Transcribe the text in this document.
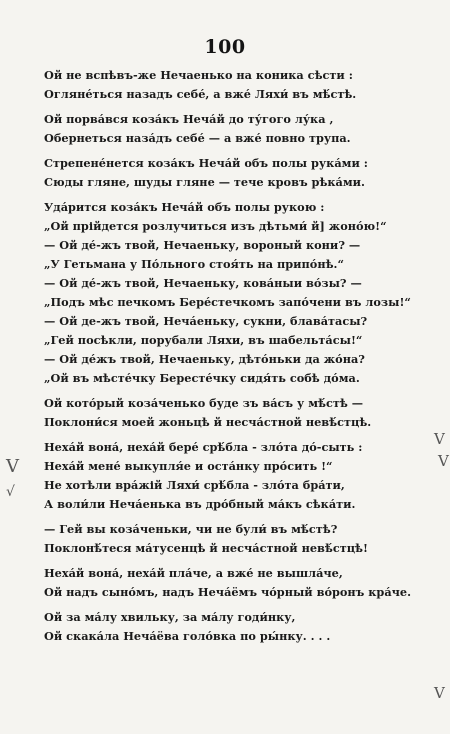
100
Ой не вспѣвъ-же Нечаенько на коника сѣсти :
Огляне́ться назадъ себе́, а вже́ Ляхи́ въ мѣ́стѣ.
Ой порва́вся коза́къ Неча́й до ту́гого лу́ка ,
Обернеться наза́дъ себе́ — а вже́ повно трупа.
Стрепене́нется коза́къ Неча́й объ полы рука́ми :
Сюды гляне, шуды гляне — тече кровъ рѣка́ми.
Уда́рится коза́къ Неча́й объ полы рукою :
„Ой прійдется розлучиться изъ дѣтьми́ й] жоно́ю!“
— Ой де́-жъ твой, Нечаеньку, вороный кони? —
„У Гетьмана у По́льного стоя́ть на припо́нѣ.“
— Ой де́-жъ твой, Нечаеньку, кова́ныи во́зы? —
„Подъ мѣс печкомъ Бере́стечкомъ запо́чени въ лозы!“
— Ой де-жъ твой, Неча́еньку, сукни, блава́тасы?
„Гей посѣкли, порубали Ляхи, въ шабельта́сы!“
— Ой де́жъ твой, Нечаеньку, дѣто́ньки да жо́на?
„Ой въ мѣсте́чку Бересте́чку сидя́ть собѣ до́ма.
Ой кото́рый коза́ченько буде зъ ва́съ у мѣ́стѣ —
Поклони́ся моей жоньцѣ й несча́стной невѣ́стцѣ.
Неха́й вона́, неха́й бере́ срѣ́бла - зло́та до́-сыть :
Неха́й мене́ выкупля́е и оста́нку про́сить !“
Не хотѣли вра́жій Ляхи́ срѣ́бла - зло́та бра́ти,
А воли́ли Неча́енька въ дро́бный ма́къ сѣка́ти.
— Гей вы коза́ченьки, чи не були́ въ мѣ́стѣ?
Поклонѣ́теся ма́тусенцѣ й несча́стной невѣ́стцѣ!
Неха́й вона́, неха́й пла́че, а вже́ не вышла́че,
Ой надъ сыно́мъ, надъ Неча́ёмъ чо́рный во́ронъ кра́че.
Ой за ма́лу хвильку, за ма́лу годи́нку,
Ой скака́ла Неча́ёва голо́вка по ры́нку. . . .
V
√
V
V
V
